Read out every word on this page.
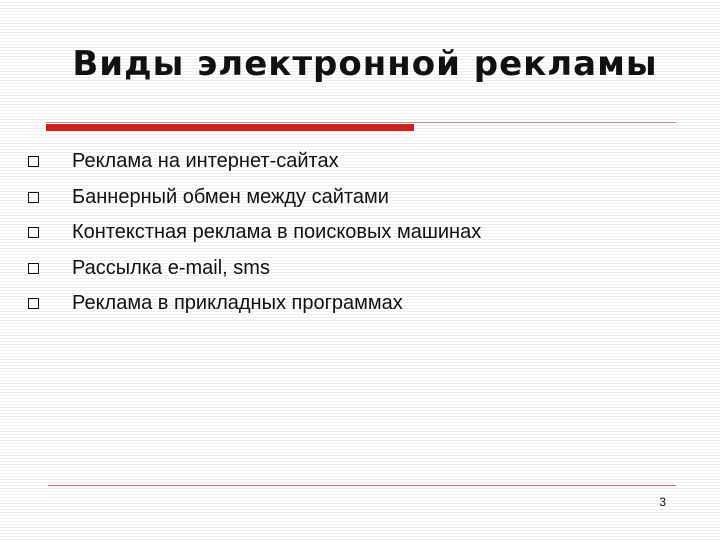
Виды электронной рекламы
Реклама на интернет-сайтах
Баннерный обмен между сайтами
Контекстная реклама в поисковых машинах
Рассылка e-mail, sms
Реклама в прикладных программах
3
